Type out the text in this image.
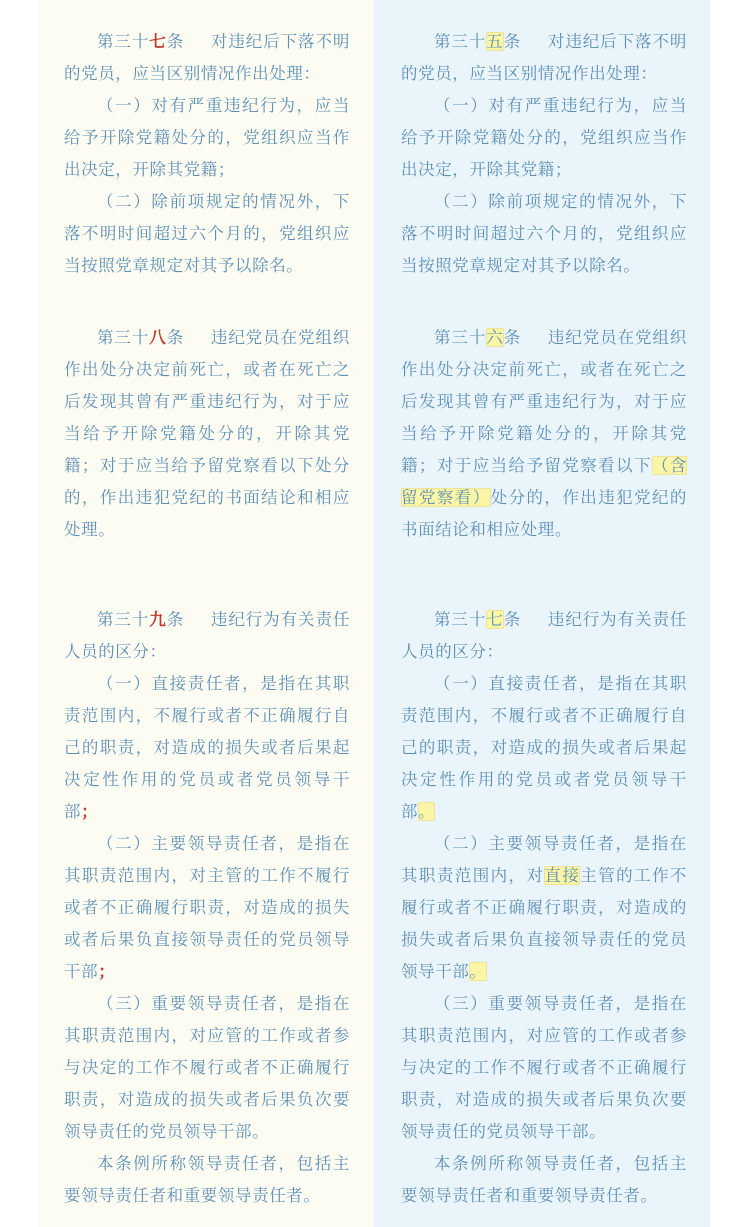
第三十七条 对违纪后下落不明的党员，应当区别情况作出处理：

（一）对有严重违纪行为，应当给予开除党籍处分的，党组织应当作出决定，开除其党籍；

（二）除前项规定的情况外，下落不明时间超过六个月的，党组织应当按照党章规定对其予以除名。

第三十八条 违纪党员在党组织作出处分决定前死亡，或者在死亡之后发现其曾有严重违纪行为，对于应当给予开除党籍处分的，开除其党籍；对于应当给予留党察看以下处分的，作出违犯党纪的书面结论和相应处理。

第三十九条 违纪行为有关责任人员的区分：

（一）直接责任者，是指在其职责范围内，不履行或者不正确履行自己的职责，对造成的损失或者后果起决定性作用的党员或者党员领导干部；

（二）主要领导责任者，是指在其职责范围内，对主管的工作不履行或者不正确履行职责，对造成的损失或者后果负直接领导责任的党员领导干部；

（三）重要领导责任者，是指在其职责范围内，对应管的工作或者参与决定的工作不履行或者不正确履行职责，对造成的损失或者后果负次要领导责任的党员领导干部。

本条例所称领导责任者，包括主要领导责任者和重要领导责任者。

第三十五条 对违纪后下落不明的党员，应当区别情况作出处理：

（一）对有严重违纪行为，应当给予开除党籍处分的，党组织应当作出决定，开除其党籍；

（二）除前项规定的情况外，下落不明时间超过六个月的，党组织应当按照党章规定对其予以除名。

第三十六条 违纪党员在党组织作出处分决定前死亡，或者在死亡之后发现其曾有严重违纪行为，对于应当给予开除党籍处分的，开除其党籍；对于应当给予留党察看以下（含留党察看）处分的，作出违犯党纪的书面结论和相应处理。

第三十七条 违纪行为有关责任人员的区分：

（一）直接责任者，是指在其职责范围内，不履行或者不正确履行自己的职责，对造成的损失或者后果起决定性作用的党员或者党员领导干部。

（二）主要领导责任者，是指在其职责范围内，对直接主管的工作不履行或者不正确履行职责，对造成的损失或者后果负直接领导责任的党员领导干部。

（三）重要领导责任者，是指在其职责范围内，对应管的工作或者参与决定的工作不履行或者不正确履行职责，对造成的损失或者后果负次要领导责任的党员领导干部。

本条例所称领导责任者，包括主要领导责任者和重要领导责任者。
